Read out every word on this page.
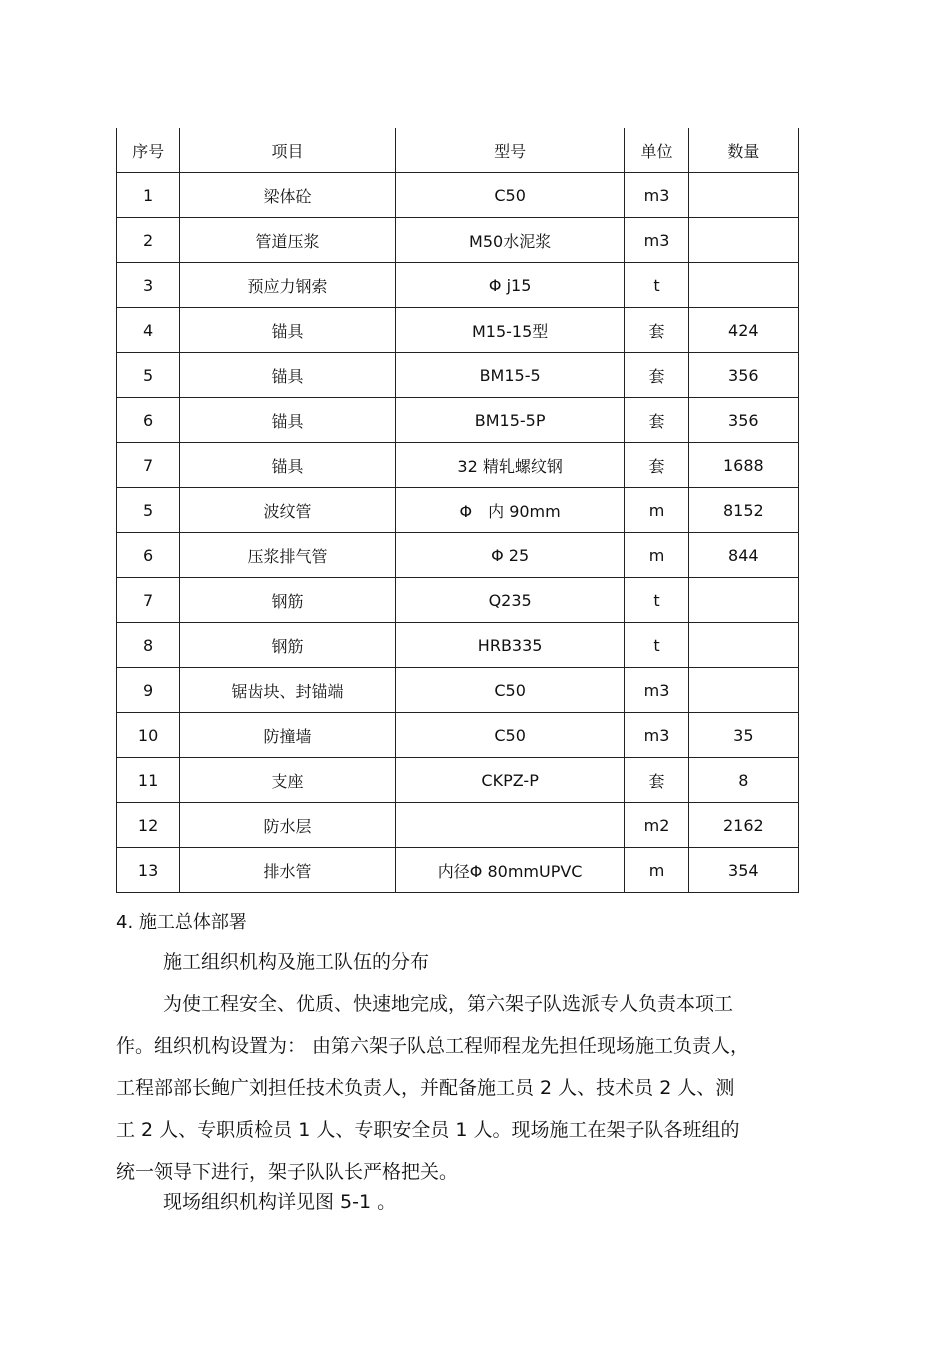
序号	项目	型号	单位	数量
1	梁体砼	C50	m3	
2	管道压浆	M50水泥浆	m3	
3	预应力钢索	Φ j15	t	
4	锚具	M15-15型	套	424
5	锚具	BM15-5	套	356
6	锚具	BM15-5P	套	356
7	锚具	32 精轧螺纹钢	套	1688
5	波纹管	Φ　内 90mm	m	8152
6	压浆排气管	Φ 25	m	844
7	钢筋	Q235	t	
8	钢筋	HRB335	t	
9	锯齿块、封锚端	C50	m3	
10	防撞墙	C50	m3	35
11	支座	CKPZ-P	套	8
12	防水层		m2	2162
13	排水管	内径Φ 80mmUPVC	m	354
4. 施工总体部署
施工组织机构及施工队伍的分布
为使工程安全、优质、快速地完成，第六架子队选派专人负责本项工
作。组织机构设置为： 由第六架子队总工程师程龙先担任现场施工负责人，
工程部部长鲍广刘担任技术负责人，并配备施工员 2 人、技术员 2 人、测
工 2 人、专职质检员 1 人、专职安全员 1 人。现场施工在架子队各班组的
统一领导下进行，架子队队长严格把关。
现场组织机构详见图 5-1 。
